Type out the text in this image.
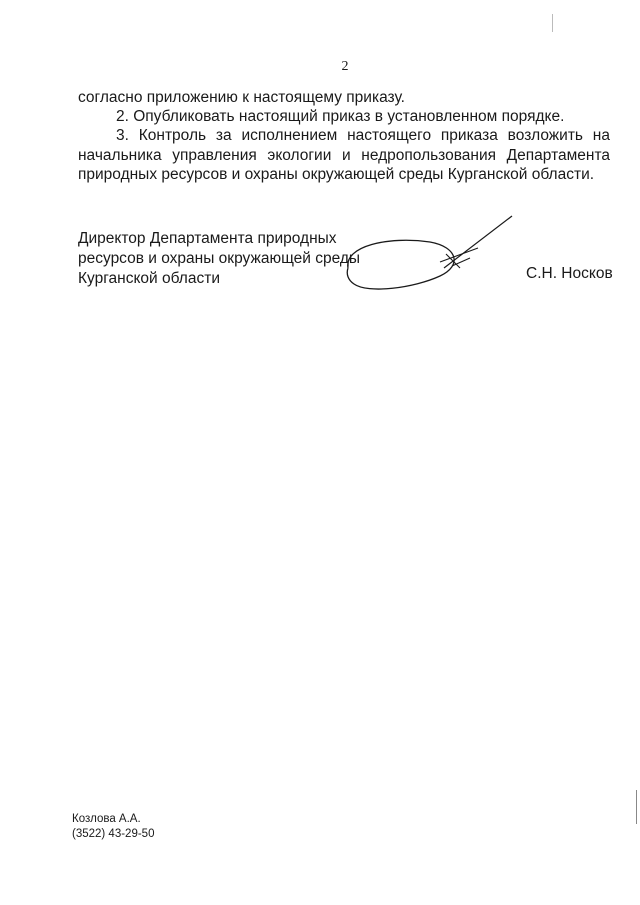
2
согласно приложению к настоящему приказу.
2. Опубликовать настоящий приказ в установленном порядке.
3. Контроль за исполнением настоящего приказа возложить на
начальника управления экологии и недропользования Департамента
природных ресурсов и охраны окружающей среды Курганской области.
Директор Департамента природных
ресурсов и охраны окружающей среды
Курганской области	С.Н. Носков
Козлова А.А.
(3522) 43-29-50
